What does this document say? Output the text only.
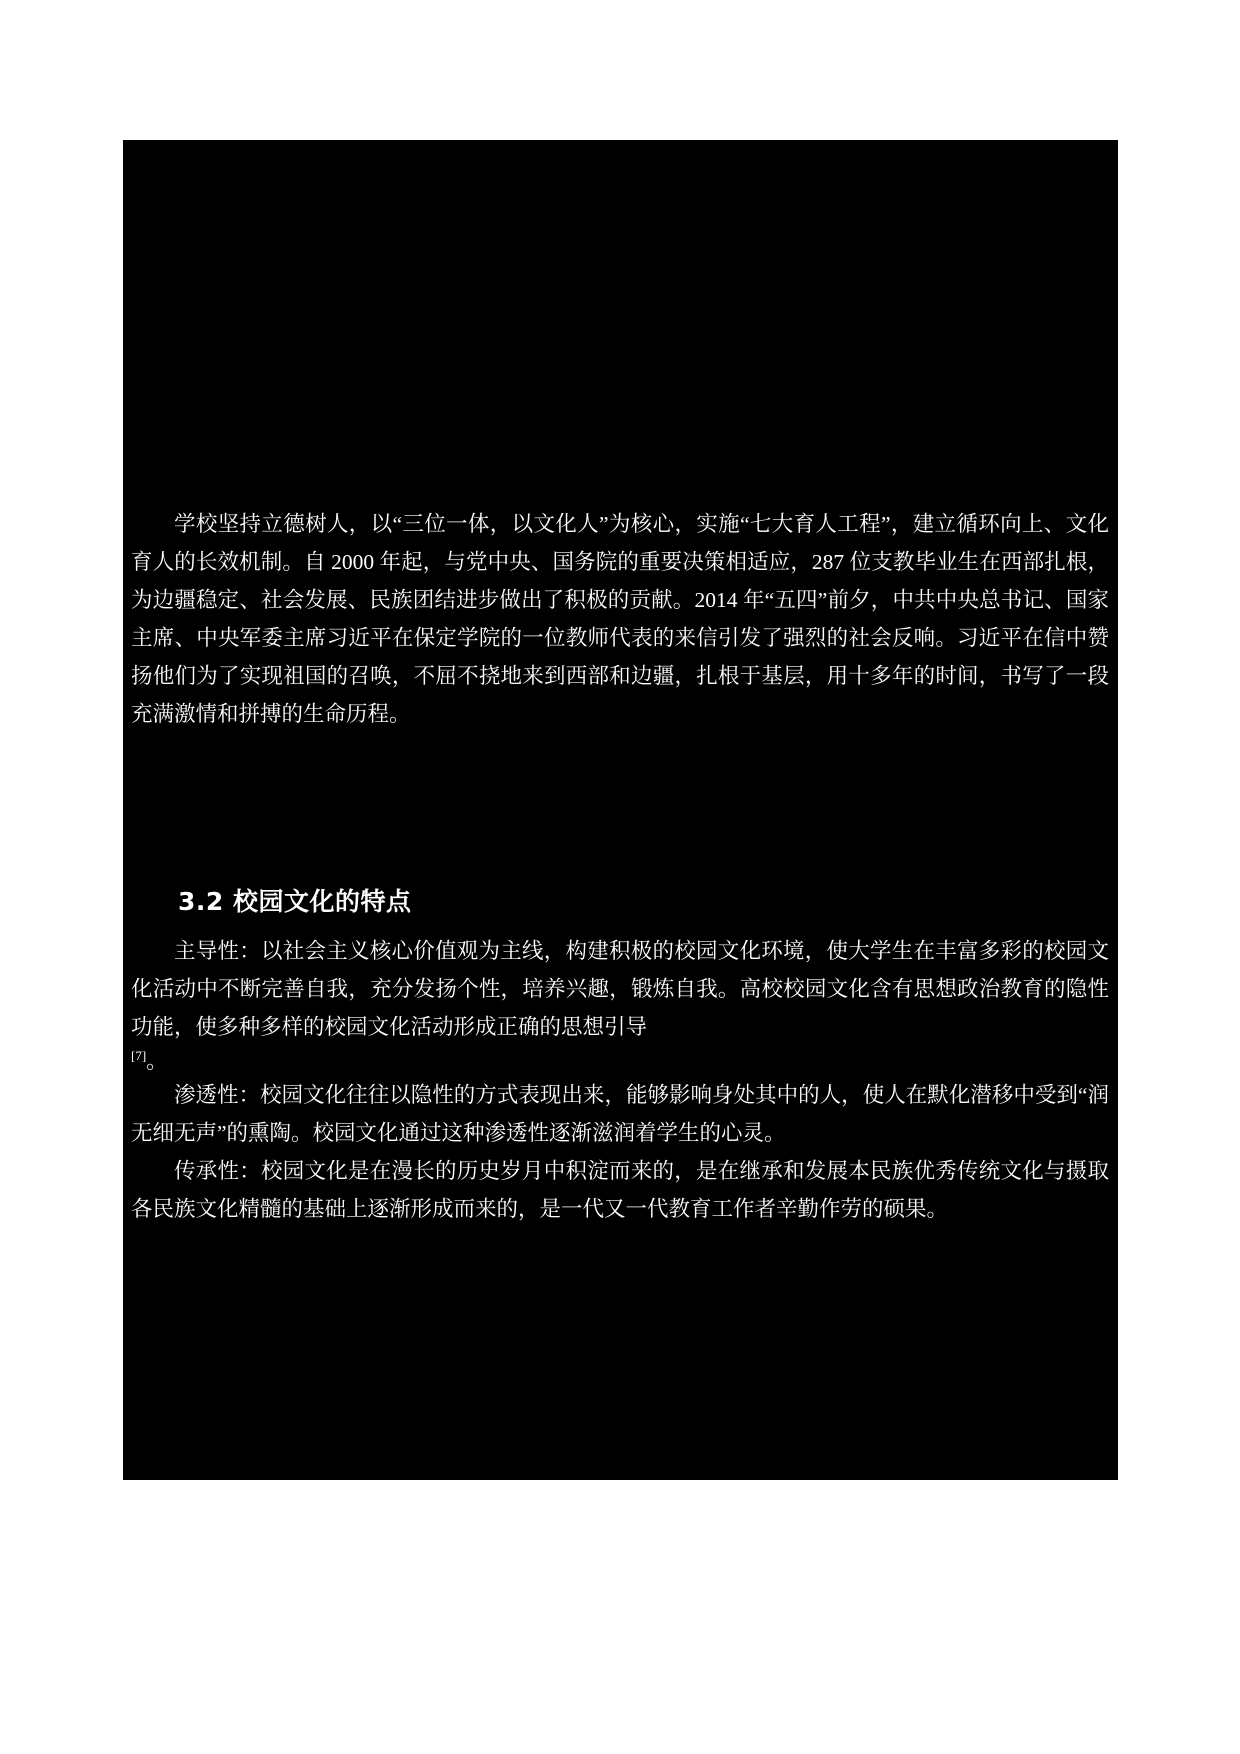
学校坚持立德树人，以“三位一体，以文化人”为核心，实施“七大育人工程”，建立循环向上、文化育人的长效机制。自 2000 年起，与党中央、国务院的重要决策相适应，287 位支教毕业生在西部扎根，为边疆稳定、社会发展、民族团结进步做出了积极的贡献。2014 年“五四”前夕，中共中央总书记、国家主席、中央军委主席习近平在保定学院的一位教师代表的来信引发了强烈的社会反响。习近平在信中赞扬他们为了实现祖国的召唤，不屈不挠地来到西部和边疆，扎根于基层，用十多年的时间，书写了一段充满激情和拼搏的生命历程。

3.2 校园文化的特点

主导性：以社会主义核心价值观为主线，构建积极的校园文化环境，使大学生在丰富多彩的校园文化活动中不断完善自我，充分发扬个性，培养兴趣，锻炼自我。高校校园文化含有思想政治教育的隐性功能，使多种多样的校园文化活动形成正确的思想引导

[7]。

渗透性：校园文化往往以隐性的方式表现出来，能够影响身处其中的人，使人在默化潜移中受到“润无细无声”的熏陶。校园文化通过这种渗透性逐渐滋润着学生的心灵。

传承性：校园文化是在漫长的历史岁月中积淀而来的，是在继承和发展本民族优秀传统文化与摄取各民族文化精髓的基础上逐渐形成而来的，是一代又一代教育工作者辛勤作劳的硕果。
